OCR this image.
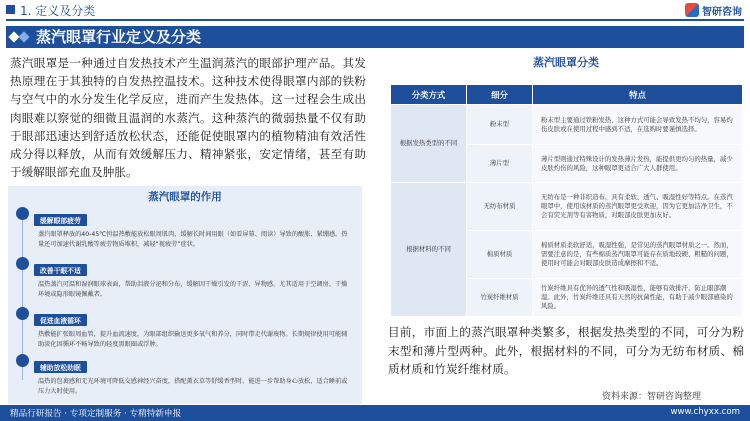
1. 定义及分类	智研咨询
蒸汽眼罩行业定义及分类
蒸汽眼罩是一种通过自发热技术产生温润蒸汽的眼部护理产品。其发热原理在于其独特的自发热控温技术。这种技术使得眼罩内部的铁粉与空气中的水分发生化学反应，进而产生发热体。这一过程会生成出肉眼难以察觉的细微且温润的水蒸汽。这种蒸汽的微弱热量不仅有助于眼部迅速达到舒适放松状态，还能促使眼罩内的植物精油有效活性成分得以释放，从而有效缓解压力、精神紧张，安定情绪，甚至有助于缓解眼部充血及肿胀。
蒸汽眼罩的作用
缓解眼部疲劳
蒸汽眼罩释放的40-45℃恒温热敷能放松眼周肌肉，缓解长时间用眼（如看屏幕、阅读）导致的酸胀、紧绷感。热量还可加速代谢乳酸等疲劳物质堆积，减轻“视疲劳”症状。
改善干眼不适
温热蒸汽可温和湿润眼球表面，帮助泪液分泌和分布，缓解因干燥引发的干涩、异物感。尤其适用于空调房、干燥环境或隐形眼镜佩戴者。
促进血液循环
热敷能扩张眼周血管，提升血流速度，为眼部组织输送更多氧气和养分，同时带走代谢废物。长期规律使用可能辅助淡化因循环不畅导致的轻度黑眼圈或浮肿。
辅助放松助眠
温热的包裹感和无光环境可降低交感神经兴奋度，搭配薰衣草等舒缓香型时，能进一步帮助身心放松，适合睡前或压力大时使用。
蒸汽眼罩分类
分类方式	细分	特点
根据发热类型的不同	粉末型	粉末型主要通过铁粉发热，这种方式可能会导致发热不均匀，容易灼伤皮肤或在使用过程中感到不适，在选购时要谨慎选择。
	薄片型	薄片型则通过特殊设计的发热薄片发热，能提供更均匀的热量，减少皮肤灼伤的风险，这种眼罩更适合广大人群使用。
根据材料的不同	无纺布材质	无纺布是一种非织造布，具有柔软、透气、吸湿性好等特点。在蒸汽眼罩中，使用该材质的蒸汽眼罩更受欢迎，因为它更加洁净卫生，不会有荧光剂等有害物质，对眼部皮肤更加友好。
	棉质材质	棉质材质柔软舒适，吸湿性强，是常见的蒸汽眼罩材质之一。然而，需要注意的是，有些棉质蒸汽眼罩可能存在质地较硬、粗糙的问题，使用时可能会对眼部皮肤造成摩擦和不适。
	竹炭纤维材质	竹炭纤维具有优异的透气性和吸湿性，能够有效排汗，防止眼部潮湿。此外，竹炭纤维还具有天然的抗菌性能，有助于减少眼部感染的风险。
目前，市面上的蒸汽眼罩种类繁多，根据发热类型的不同，可分为粉末型和薄片型两种。此外，根据材料的不同，可分为无纺布材质、棉质材质和竹炭纤维材质。
资料来源：智研咨询整理
精品行研报告 · 专项定制服务 · 专精特新申报	www.chyxx.com
